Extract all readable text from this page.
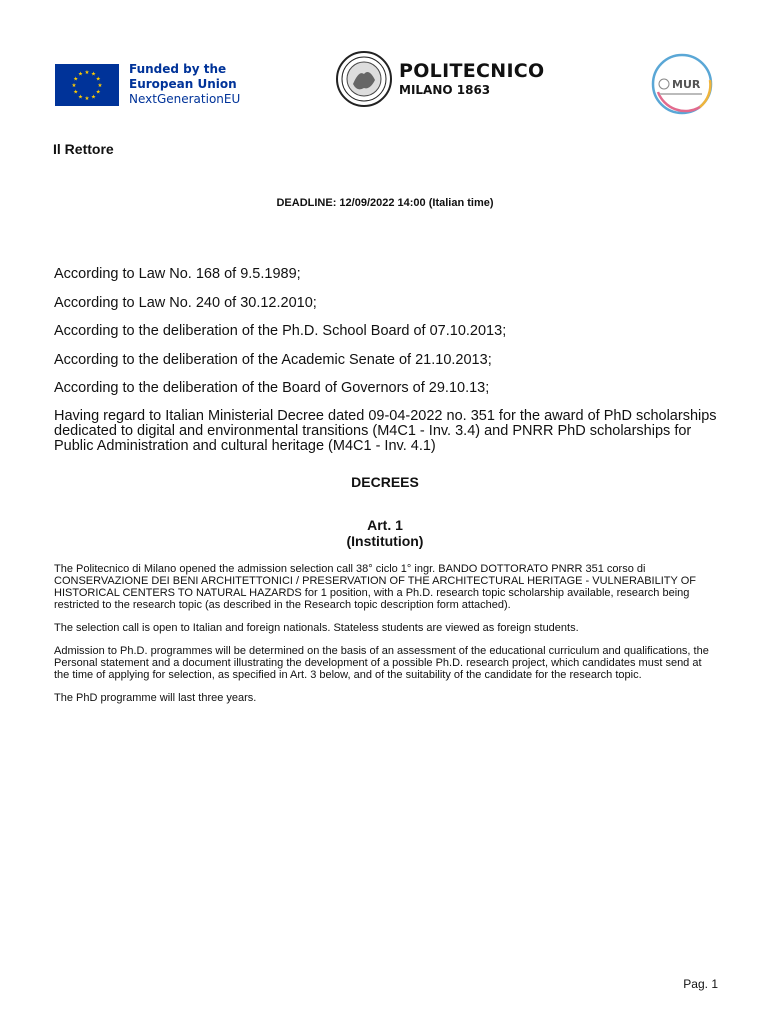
★ ★
★
★
★
★
★
★
★
★
★
★	Funded by the
European Union
NextGenerationEU
POLITECNICO
MILANO 1863	MUR
Il Rettore
DEADLINE: 12/09/2022 14:00 (Italian time)

According to Law No. 168 of 9.5.1989;

According to Law No. 240 of 30.12.2010;

According to the deliberation of the Ph.D. School Board of 07.10.2013;

According to the deliberation of the Academic Senate of 21.10.2013;

According to the deliberation of the Board of Governors of 29.10.13;

Having regard to Italian Ministerial Decree dated 09-04-2022 no. 351 for the award of PhD scholarships dedicated to digital and environmental transitions (M4C1 - Inv. 3.4) and PNRR PhD scholarships for Public Administration and cultural heritage (M4C1 - Inv. 4.1)

DECREES
Art. 1
(Institution)

The Politecnico di Milano opened the admission selection call 38° ciclo 1° ingr. BANDO DOTTORATO PNRR 351 corso di CONSERVAZIONE DEI BENI ARCHITETTONICI / PRESERVATION OF THE ARCHITECTURAL HERITAGE - VULNERABILITY OF HISTORICAL CENTERS TO NATURAL HAZARDS for 1 position, with a Ph.D. research topic scholarship available, research being restricted to the research topic (as described in the Research topic description form attached).

The selection call is open to Italian and foreign nationals. Stateless students are viewed as foreign students.

Admission to Ph.D. programmes will be determined on the basis of an assessment of the educational curriculum and qualifications, the Personal statement and a document illustrating the development of a possible Ph.D. research project, which candidates must send at the time of applying for selection, as specified in Art. 3 below, and of the suitability of the candidate for the research topic.

The PhD programme will last three years.

Pag. 1
